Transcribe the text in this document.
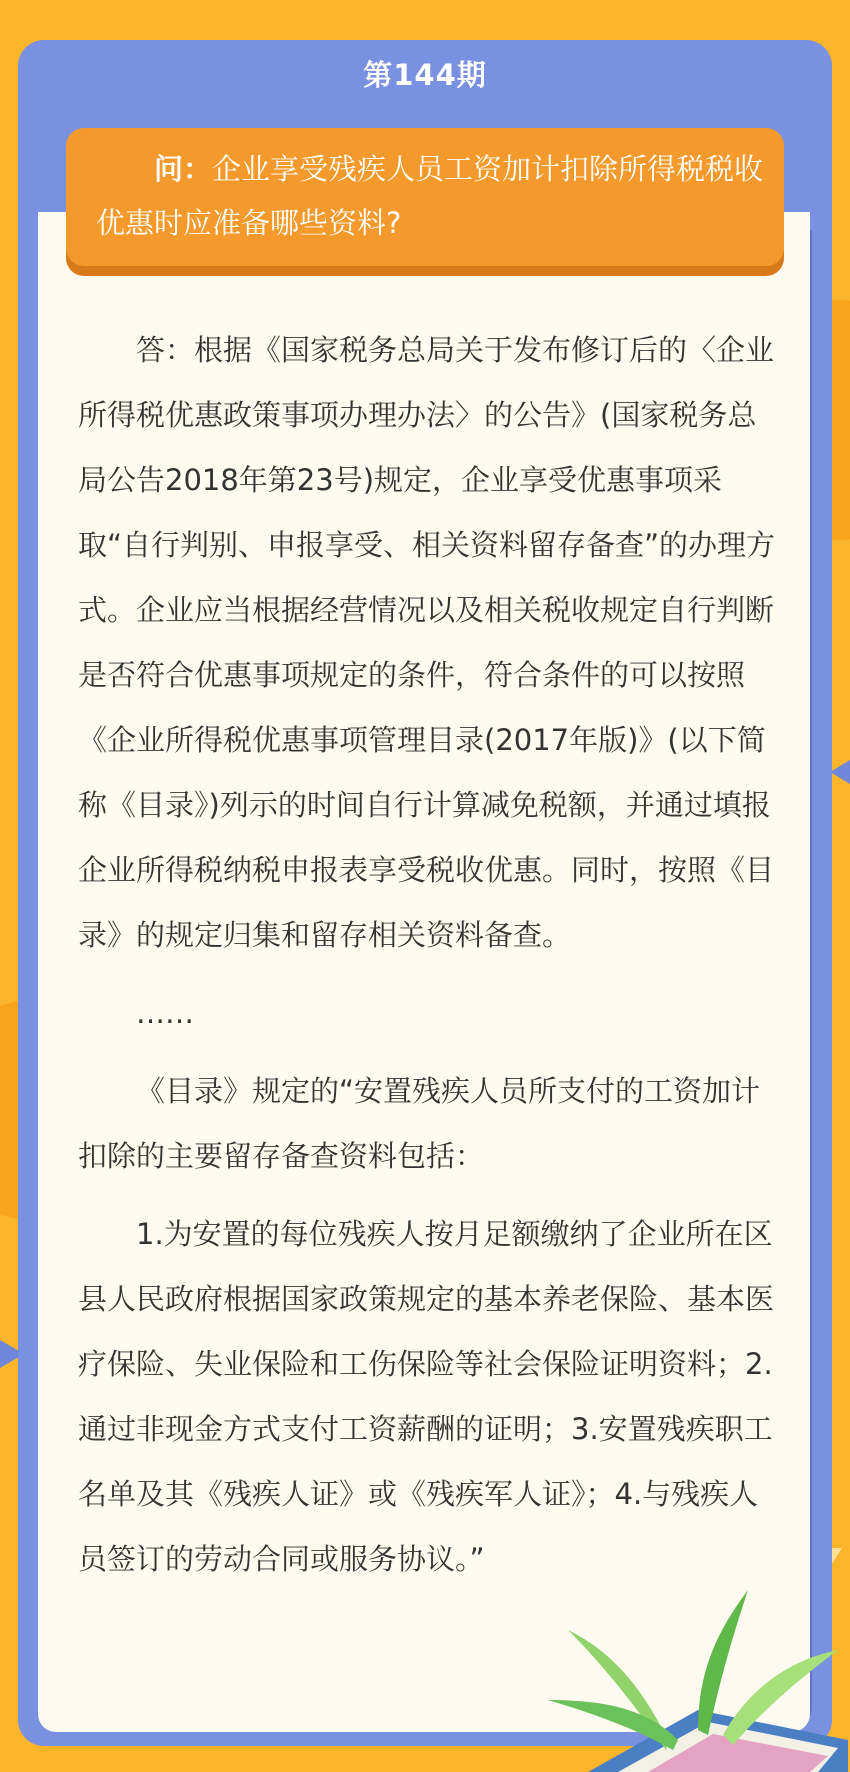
第144期
问：企业享受残疾人员工资加计扣除所得税税收优惠时应准备哪些资料?

答：根据《国家税务总局关于发布修订后的〈企业所得税优惠政策事项办理办法〉的公告》(国家税务总局公告2018年第23号)规定，企业享受优惠事项采取“自行判别、申报享受、相关资料留存备查”的办理方式。企业应当根据经营情况以及相关税收规定自行判断是否符合优惠事项规定的条件，符合条件的可以按照《企业所得税优惠事项管理目录(2017年版)》(以下简称《目录》)列示的时间自行计算减免税额，并通过填报企业所得税纳税申报表享受税收优惠。同时，按照《目录》的规定归集和留存相关资料备查。

……

《目录》规定的“安置残疾人员所支付的工资加计扣除的主要留存备查资料包括：

1.为安置的每位残疾人按月足额缴纳了企业所在区县人民政府根据国家政策规定的基本养老保险、基本医疗保险、失业保险和工伤保险等社会保险证明资料；2.通过非现金方式支付工资薪酬的证明；3.安置残疾职工名单及其《残疾人证》或《残疾军人证》；4.与残疾人员签订的劳动合同或服务协议。”
